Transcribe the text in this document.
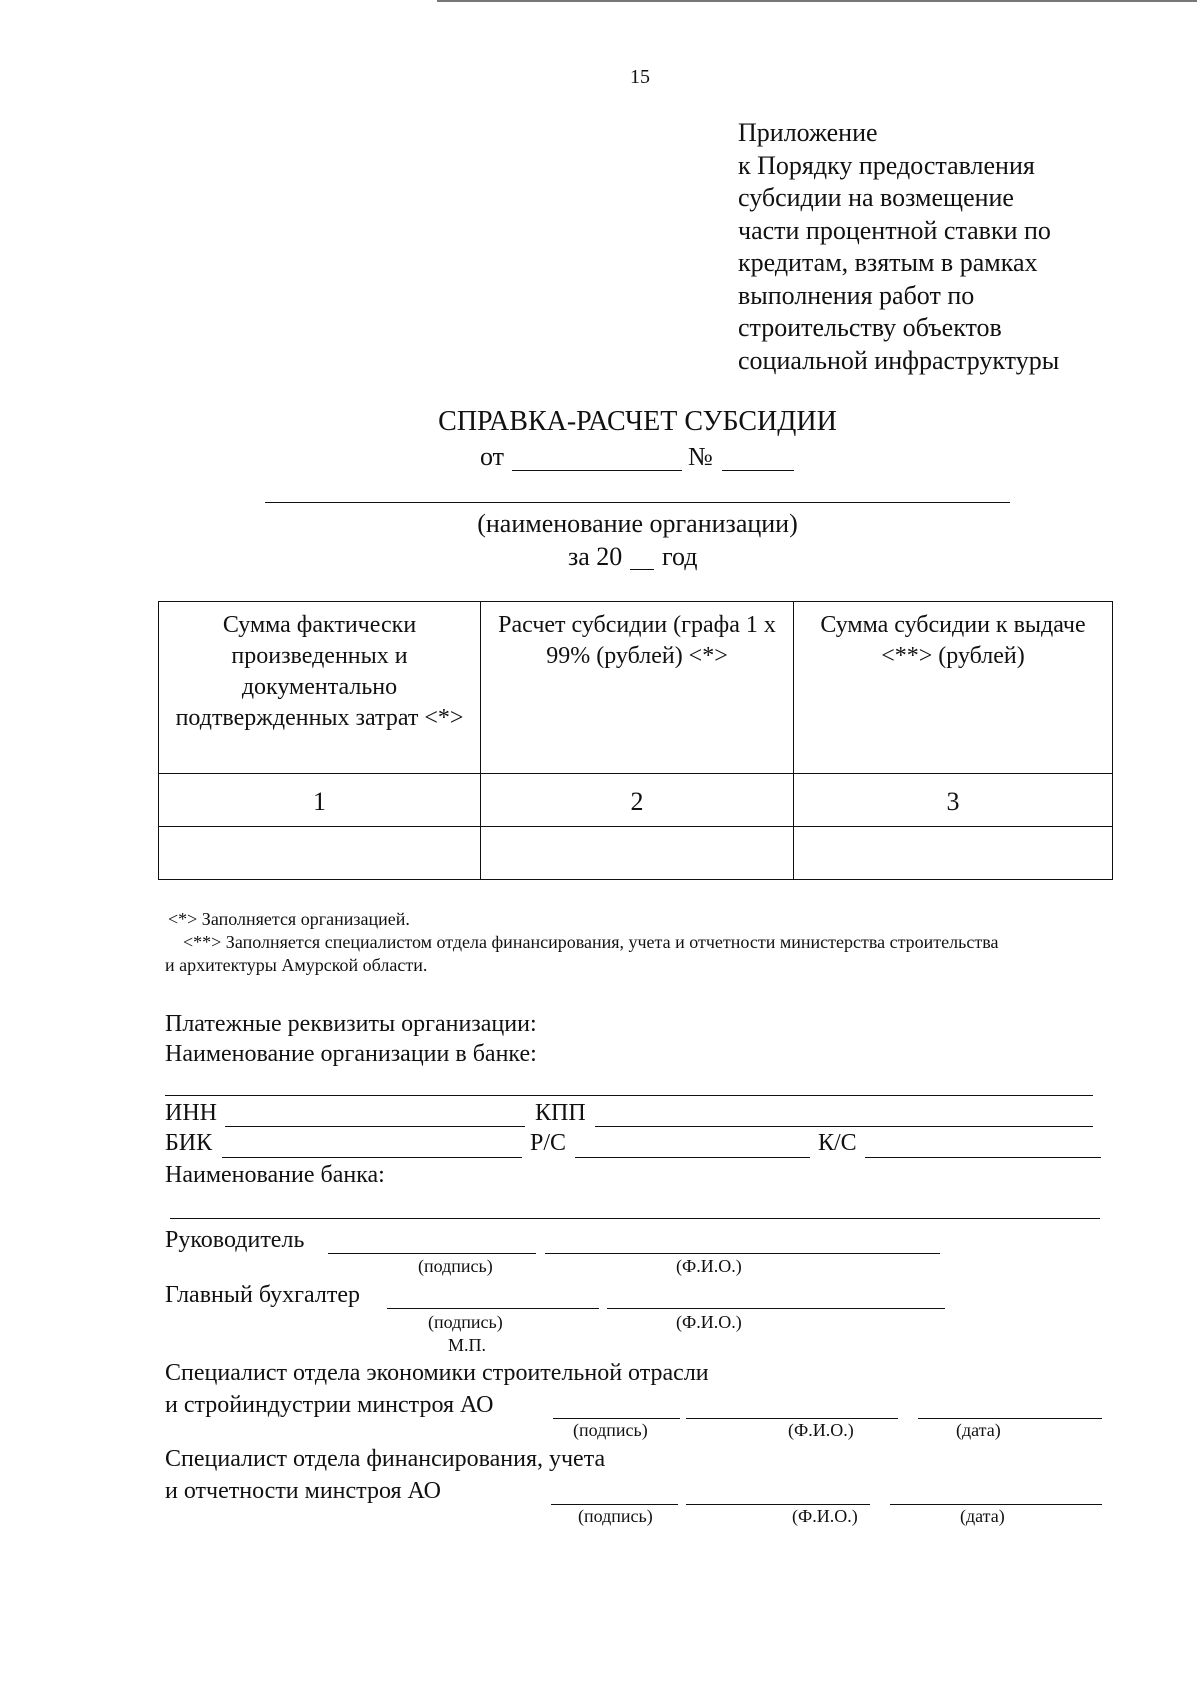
15
Приложение
к Порядку предоставления
субсидии на возмещение
части процентной ставки по
кредитам, взятым в рамках
выполнения работ по
строительству объектов
социальной инфраструктуры
СПРАВКА-РАСЧЕТ СУБСИДИИ
от	№
(наименование организации)
за 20 год
Сумма фактически произведенных и документально подтвержденных затрат <*>	Расчет субсидии (графа 1 x 99% (рублей) <*>	Сумма субсидии к выдаче <**> (рублей)
1	2	3

<*> Заполняется организацией.
<**> Заполняется специалистом отдела финансирования, учета и отчетности министерства строительства
и архитектуры Амурской области.
Платежные реквизиты организации:
Наименование организации в банке:
ИНН	КПП
БИК	Р/С	К/С
Наименование банка:
Руководитель
(подпись)	(Ф.И.О.)
Главный бухгалтер
(подпись)	(Ф.И.О.)
М.П.
Специалист отдела экономики строительной отрасли
и стройиндустрии минстроя АО
(подпись)	(Ф.И.О.)	(дата)
Специалист отдела финансирования, учета
и отчетности минстроя АО
(подпись)	(Ф.И.О.)	(дата)
